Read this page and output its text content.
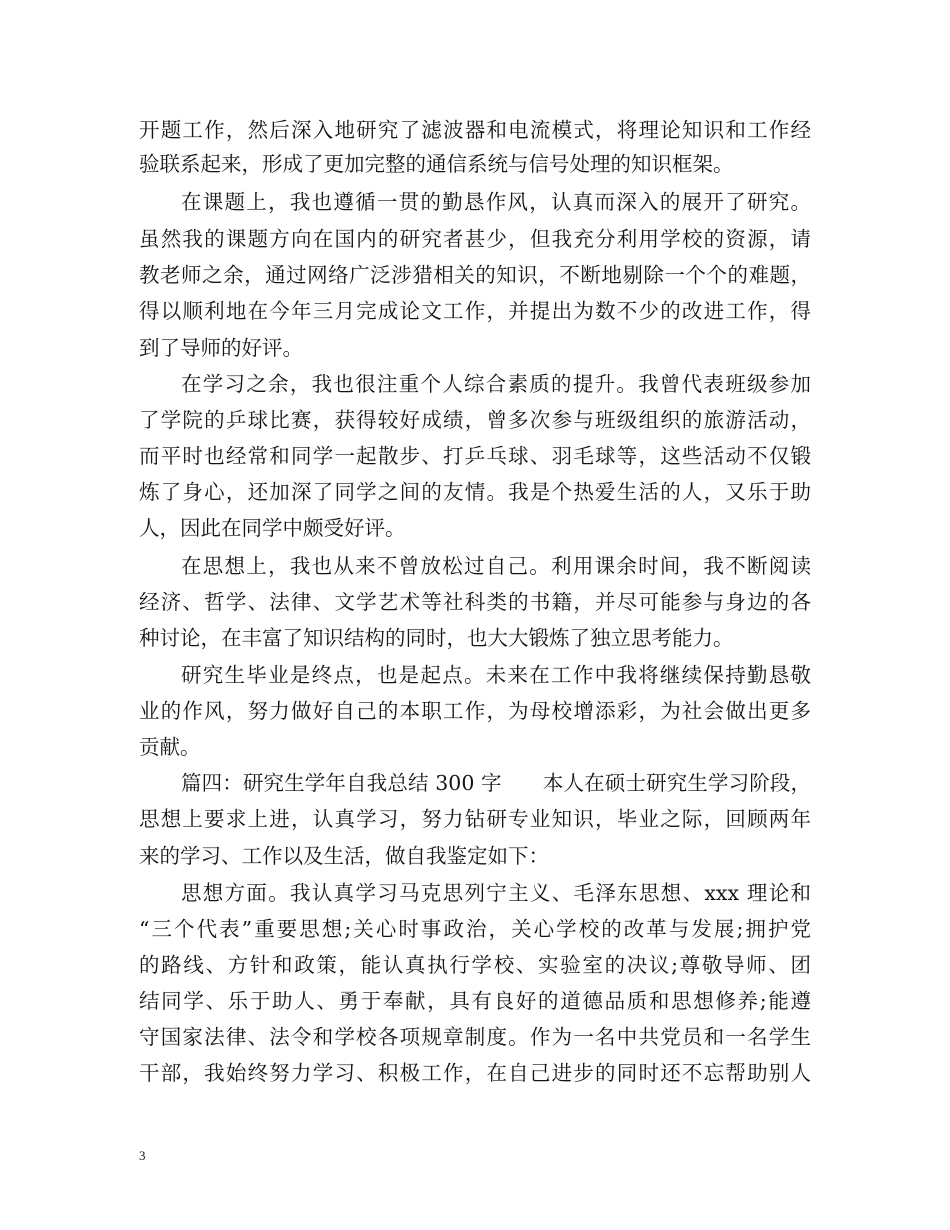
开题工作，然后深入地研究了滤波器和电流模式，将理论知识和工作经
验联系起来，形成了更加完整的通信系统与信号处理的知识框架。
在课题上，我也遵循一贯的勤恳作风，认真而深入的展开了研究。
虽然我的课题方向在国内的研究者甚少，但我充分利用学校的资源，请
教老师之余，通过网络广泛涉猎相关的知识，不断地剔除一个个的难题，
得以顺利地在今年三月完成论文工作，并提出为数不少的改进工作，得
到了导师的好评。
在学习之余，我也很注重个人综合素质的提升。我曾代表班级参加
了学院的乒球比赛，获得较好成绩，曾多次参与班级组织的旅游活动，
而平时也经常和同学一起散步、打乒乓球、羽毛球等，这些活动不仅锻
炼了身心，还加深了同学之间的友情。我是个热爱生活的人，又乐于助
人，因此在同学中颇受好评。
在思想上，我也从来不曾放松过自己。利用课余时间，我不断阅读
经济、哲学、法律、文学艺术等社科类的书籍，并尽可能参与身边的各
种讨论，在丰富了知识结构的同时，也大大锻炼了独立思考能力。
研究生毕业是终点，也是起点。未来在工作中我将继续保持勤恳敬
业的作风，努力做好自己的本职工作，为母校增添彩，为社会做出更多
贡献。
篇四：研究生学年自我总结 300 字　　本人在硕士研究生学习阶段，
思想上要求上进，认真学习，努力钻研专业知识，毕业之际，回顾两年
来的学习、工作以及生活，做自我鉴定如下：
思想方面。我认真学习马克思列宁主义、毛泽东思想、xxx 理论和
“三个代表”重要思想;关心时事政治，关心学校的改革与发展;拥护党
的路线、方针和政策，能认真执行学校、实验室的决议;尊敬导师、团
结同学、乐于助人、勇于奉献，具有良好的道德品质和思想修养;能遵
守国家法律、法令和学校各项规章制度。作为一名中共党员和一名学生
干部，我始终努力学习、积极工作，在自己进步的同时还不忘帮助别人
3
